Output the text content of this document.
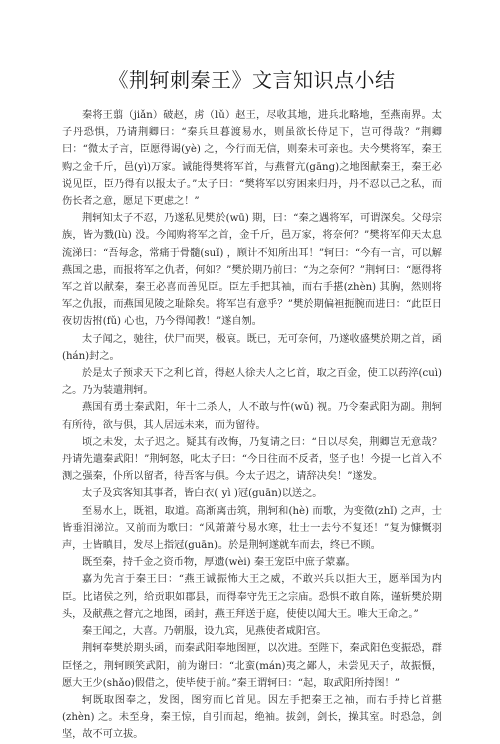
《荆轲刺秦王》文言知识点小结

秦将王翦（jiǎn）破赵，虏（lǔ）赵王，尽收其地，进兵北略地，至燕南界。太子丹恐惧，乃请荆卿曰：“秦兵旦暮渡易水，则虽欲长侍足下，岂可得哉？”荆卿曰：“微太子言，臣愿得谒(yè) 之，今行而无信，则秦未可亲也。夫今樊将军，秦王购之金千斤，邑(yì)万家。诚能得樊将军首，与燕督亢(gāng)之地图献秦王，秦王必说见臣，臣乃得有以报太子。”太子曰：“樊将军以穷困来归丹，丹不忍以己之私，而伤长者之意，愿足下更虑之！”

荆轲知太子不忍，乃遂私见樊於(wū) 期，曰：“秦之遇将军，可谓深矣。父母宗族，皆为戮(lù) 没。今闻购将军之首，金千斤，邑万家，将奈何？”樊将军仰天太息流涕曰：“吾每念，常痛于骨髓(suǐ) ，顾计不知所出耳！”轲曰：“今有一言，可以解燕国之患，而报将军之仇者，何如？”樊於期乃前曰：“为之奈何？”荆轲曰：“愿得将军之首以献秦，秦王必喜而善见臣。臣左手把其袖，而右手揕(zhèn) 其胸，然则将军之仇报，而燕国见陵之耻除矣。将军岂有意乎？”樊於期偏袒扼腕而进曰：“此臣日夜切齿拊(fǔ) 心也，乃今得闻教！”遂自刎。

太子闻之，驰往，伏尸而哭，极哀。既已，无可奈何，乃遂收盛樊於期之首，函(hán)封之。

於是太子预求天下之利匕首，得赵人徐夫人之匕首，取之百金，使工以药淬(cuì) 之。乃为装遣荆轲。

燕国有勇士秦武阳，年十二杀人，人不敢与忤(wǔ) 视。乃令秦武阳为副。荆轲有所待，欲与俱，其人居远未来，而为留待。

顷之未发，太子迟之。疑其有改悔，乃复请之曰：“日以尽矣，荆卿岂无意哉？丹请先遣秦武阳！”荆轲怒，叱太子曰：“今日往而不反者，竖子也！今提一匕首入不测之强秦，仆所以留者，待吾客与俱。今太子迟之，请辞决矣！”遂发。

太子及宾客知其事者，皆白衣( yì )冠(guān)以送之。

至易水上，既祖，取道。高渐离击筑，荆轲和(hè) 而歌，为变徵(zhǐ) 之声，士皆垂泪涕泣。又前而为歌曰：“风萧萧兮易水寒，壮士一去兮不复还！”复为慷慨羽声，士皆瞋目，发尽上指冠(guān)。於是荆轲遂就车而去，终已不顾。

既至秦，持千金之资币物，厚遗(wèi) 秦王宠臣中庶子蒙嘉。

嘉为先言于秦王曰：“燕王诚振怖大王之威，不敢兴兵以拒大王，愿举国为内臣。比诸侯之列，给贡职如郡县，而得奉守先王之宗庙。恐惧不敢自陈，谨斩樊於期头，及献燕之督亢之地图，函封，燕王拜送于庭，使使以闻大王。唯大王命之。”

秦王闻之，大喜。乃朝服，设九宾，见燕使者咸阳宫。

荆轲奉樊於期头函，而秦武阳奉地图匣，以次进。至陛下，秦武阳色变振恐，群臣怪之，荆轲顾笑武阳，前为谢曰：“北蛮(mán)夷之鄙人，未尝见天子，故振慑，愿大王少(shǎo)假借之，使毕使于前。”秦王谓轲曰：“起，取武阳所持图！”

轲既取图奉之，发图，图穷而匕首见。因左手把秦王之袖，而右手持匕首揕(zhèn) 之。未至身，秦王惊，自引而起，绝袖。拔剑，剑长，操其室。时恐急，剑坚，故不可立拔。
